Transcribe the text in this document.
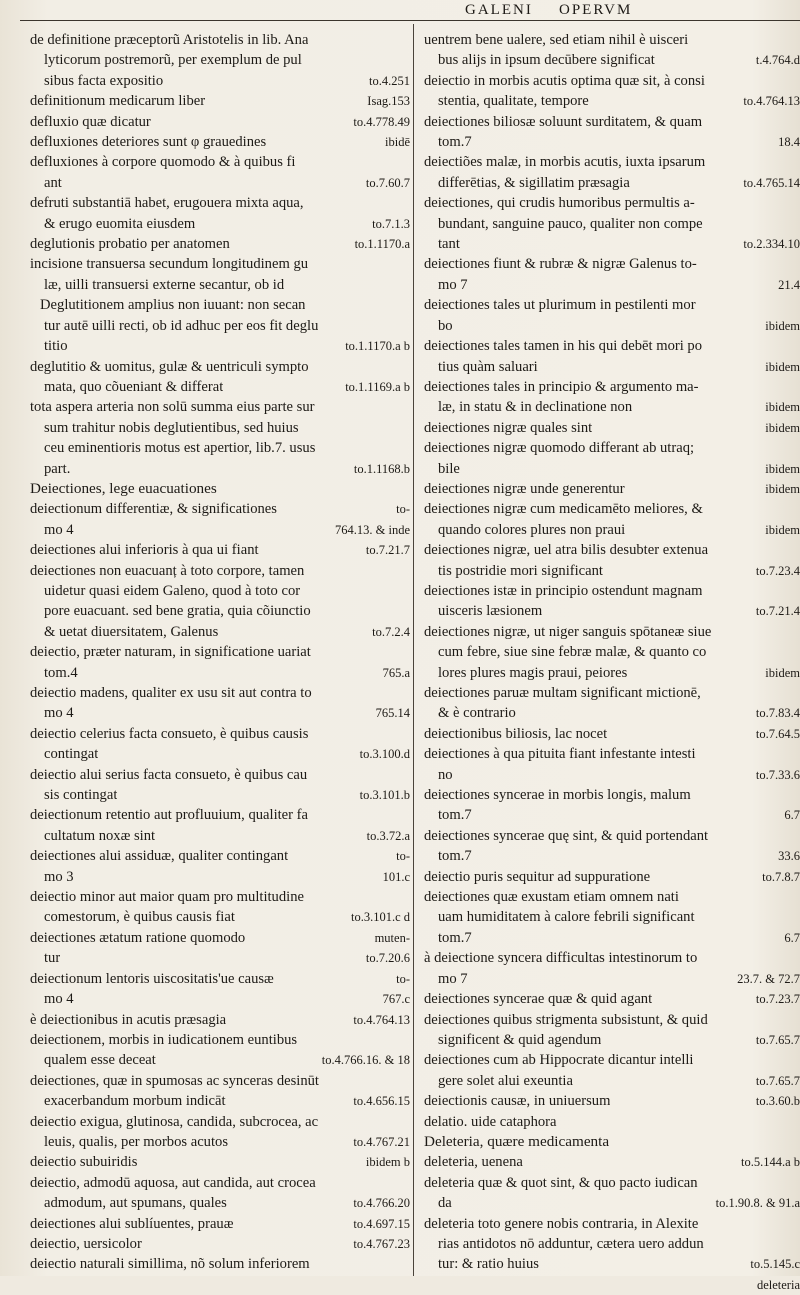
GALENI OPERVM
de definitione præceptorũ Aristotelis in lib. Ana
lyticorum postremorũ, per exemplum de pul
sibus facta expositio	to.4.251
definitionum medicarum liber	Isag.153
defluxio quæ dicatur	to.4.778.49
defluxiones deteriores sunt φ grauedines	ibidē
defluxiones à corpore quomodo & à quibus fi
ant	to.7.60.7
defruti substantiā habet, erugouera mixta aqua,
& erugo euomita eiusdem	to.7.1.3
deglutionis probatio per anatomen	to.1.1170.a
incisione transuersa secundum longitudinem gu
læ, uilli transuersi externe secantur, ob id
Deglutitionem amplius non iuuant: non secan
tur autē uilli recti, ob id adhuc per eos fit deglu
titio	to.1.1170.a b
deglutitio & uomitus, gulæ & uentriculi sympto
mata, quo cõueniant & differat	to.1.1169.a b
tota aspera arteria non solū summa eius parte sur
sum trahitur nobis deglutientibus, sed huius
ceu eminentioris motus est apertior, lib.7. usus
part.	to.1.1168.b
Deiectiones, lege euacuationes
deiectionum differentiæ, & significationes	to-
mo 4	764.13. & inde
deiectiones alui inferioris à qua ui fiant	to.7.21.7
deiectiones non euacuanț à toto corpore, tamen
uidetur quasi eidem Galeno, quod à toto cor
pore euacuant. sed bene gratia, quia cõiunctio
& uetat diuersitatem, Galenus	to.7.2.4
deiectio, præter naturam, in significatione uariat
tom.4	765.a
deiectio madens, qualiter ex usu sit aut contra to
mo 4	765.14
deiectio celerius facta consueto, è quibus causis
contingat	to.3.100.d
deiectio alui serius facta consueto, è quibus cau
sis contingat	to.3.101.b
deiectionum retentio aut profluuium, qualiter fa
cultatum noxæ sint	to.3.72.a
deiectiones alui assiduæ, qualiter contingant	to-
mo 3	101.c
deiectio minor aut maior quam pro multitudine
comestorum, è quibus causis fiat	to.3.101.c d
deiectiones ætatum ratione quomodo	muten-
tur	to.7.20.6
deiectionum lentoris uiscositatis'ue causæ	to-
mo 4	767.c
è deiectionibus in acutis præsagia	to.4.764.13
deiectionem, morbis in iudicationem euntibus
qualem esse deceat	to.4.766.16. & 18
deiectiones, quæ in spumosas ac synceras desinūt
exacerbandum morbum indicāt	to.4.656.15
deiectio exigua, glutinosa, candida, subcrocea, ac
leuis, qualis, per morbos acutos	to.4.767.21
deiectio subuiridis	ibidem b
deiectio, admodū aquosa, aut candida, aut crocea
admodum, aut spumans, quales	to.4.766.20
deiectiones alui sublíuentes, prauæ	to.4.697.15
deiectio, uersicolor	to.4.767.23
deiectio naturali simillima, nõ solum inferiorem
uentrem bene ualere, sed etiam nihil è uisceri
bus alijs in ipsum decūbere significat	t.4.764.d
deiectio in morbis acutis optima quæ sit, à consi
stentia, qualitate, tempore	to.4.764.13
deiectiones biliosæ soluunt surditatem, & quam
tom.7	18.4
deiectiões malæ, in morbis acutis, iuxta ipsarum
differētias, & sigillatim præsagia	to.4.765.14
deiectiones, qui crudis humoribus permultis a-
bundant, sanguine pauco, qualiter non compe
tant	to.2.334.10
deiectiones fiunt & rubræ & nigræ Galenus to-
mo 7	21.4
deiectiones tales ut plurimum in pestilenti mor
bo	ibidem
deiectiones tales tamen in his qui debēt mori po
tius quàm saluari	ibidem
deiectiones tales in principio & argumento ma-
læ, in statu & in declinatione non	ibidem
deiectiones nigræ quales sint	ibidem
deiectiones nigræ quomodo differant ab utraq;
bile	ibidem
deiectiones nigræ unde generentur	ibidem
deiectiones nigræ cum medicamēto meliores, &
quando colores plures non praui	ibidem
deiectiones nigræ, uel atra bilis desubter extenua
tis postridie mori significant	to.7.23.4
deiectiones istæ in principio ostendunt magnam
uisceris læsionem	to.7.21.4
deiectiones nigræ, ut niger sanguis spōtaneæ siue
cum febre, siue sine febræ malæ, & quanto co
lores plures magis praui, peiores	ibidem
deiectiones paruæ multam significant mictionē,
& è contrario	to.7.83.4
deiectionibus biliosis, lac nocet	to.7.64.5
deiectiones à qua pituita fiant infestante intesti
no	to.7.33.6
deiectiones syncerae in morbis longis, malum
tom.7	6.7
deiectiones syncerae quę sint, & quid portendant
tom.7	33.6
deiectio puris sequitur ad suppuratione	to.7.8.7
deiectiones quæ exustam etiam omnem nati
uam humiditatem à calore febrili significant
tom.7	6.7
à deiectione syncera difficultas intestinorum to
mo 7	23.7. & 72.7
deiectiones syncerae quæ & quid agant	to.7.23.7
deiectiones quibus strigmenta subsistunt, & quid
significent & quid agendum	to.7.65.7
deiectiones cum ab Hippocrate dicantur intelli
gere solet alui exeuntia	to.7.65.7
deiectionis causæ, in uniuersum	to.3.60.b
delatio. uide cataphora
Deleteria, quære medicamenta
deleteria, uenena	to.5.144.a b
deleteria quæ & quot sint, & quo pacto iudican
da	to.1.90.8. & 91.a
deleteria toto genere nobis contraria, in Alexite
rias antidotos nō adduntur, cætera uero addun
tur: & ratio huius	to.5.145.c
deleteria
